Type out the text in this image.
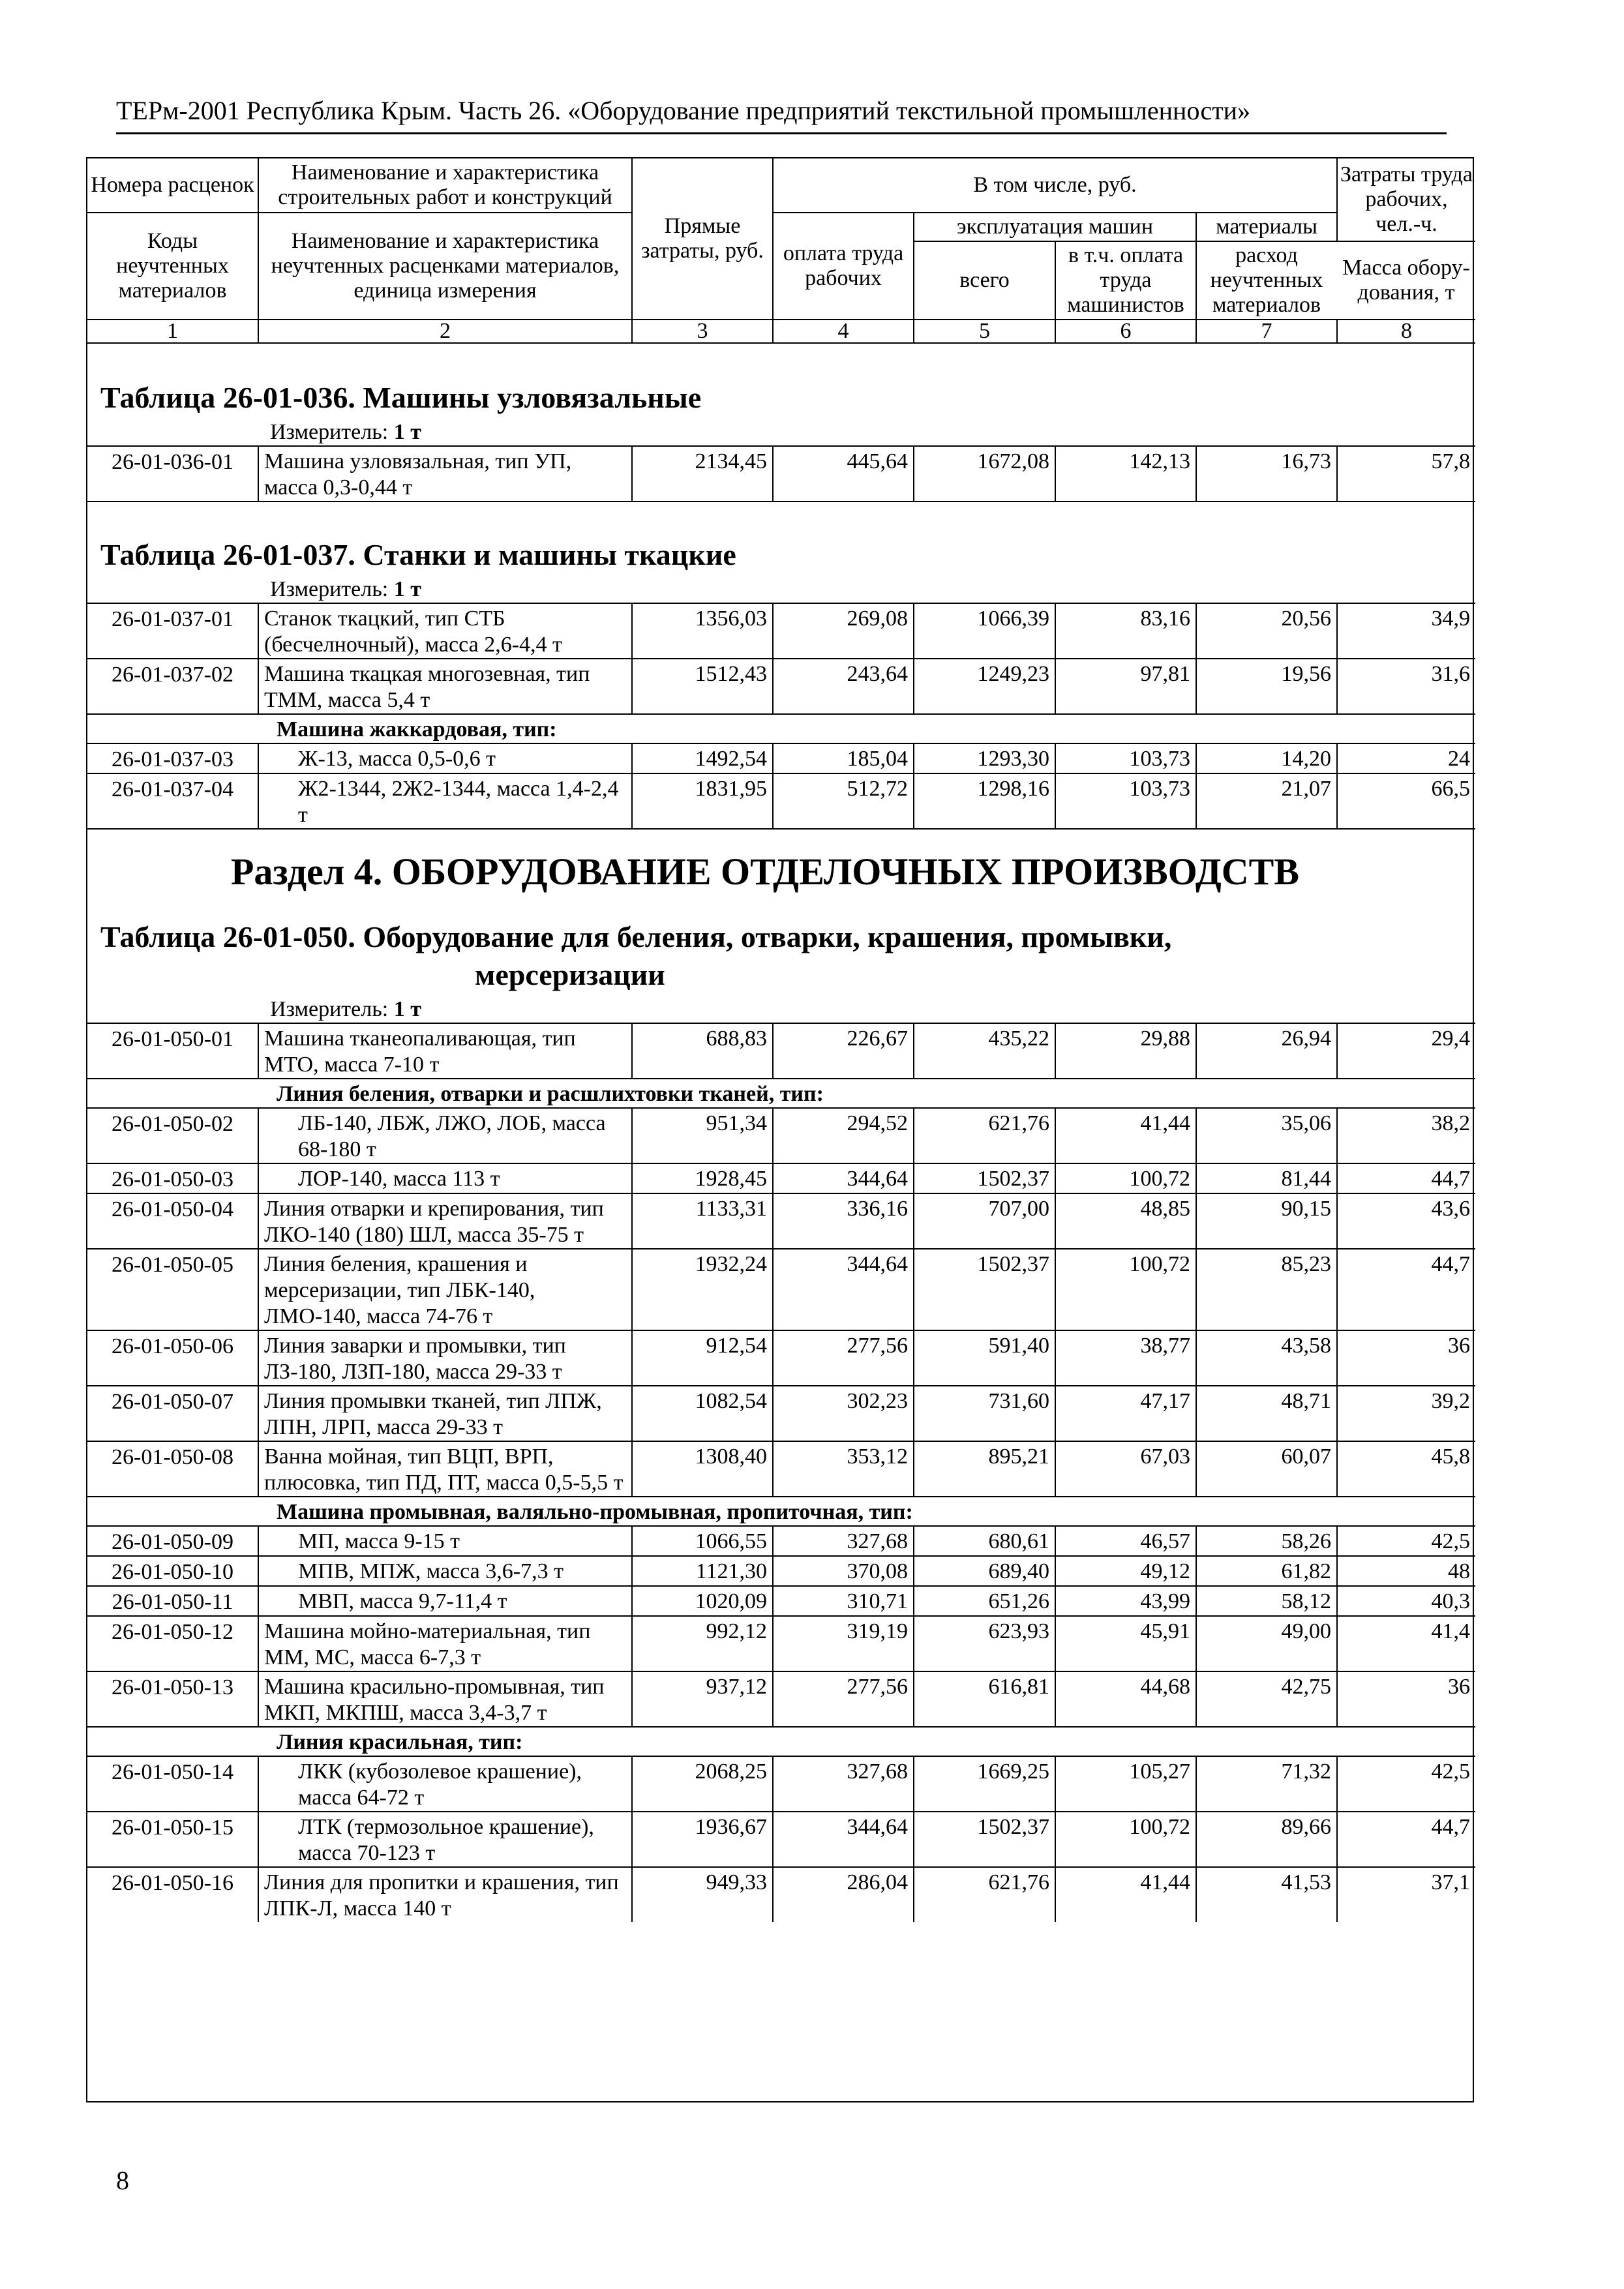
ТЕРм-2001 Республика Крым. Часть 26. «Оборудование предприятий текстильной промышленности»
Номера расценок	Наименование и характеристика строительных работ и конструкций	Прямые затраты, руб.	В том числе, руб.				Затраты труда рабочих, чел.-ч.
Коды неучтенных материалов	Наименование и характеристика неучтенных расценками материалов, единица измерения		оплата труда рабочих	эксплуатация машин		материалы	
				всего	в т.ч. оплата труда машинистов	расход неучтенных материалов	
							Масса обору-дования, т
1	2	3	4	5	6	7	8
Таблица 26-01-036. Машины узловязальные
Измеритель: 1 т
26-01-036-01	Машина узловязальная, тип УП, масса 0,3-0,44 т	2134,45	445,64	1672,08	142,13	16,73	57,8
Таблица 26-01-037. Станки и машины ткацкие
Измеритель: 1 т
26-01-037-01	Станок ткацкий, тип СТБ (бесчелночный), масса 2,6-4,4 т	1356,03	269,08	1066,39	83,16	20,56	34,9
26-01-037-02	Машина ткацкая многозевная, тип ТММ, масса 5,4 т	1512,43	243,64	1249,23	97,81	19,56	31,6
Машина жаккардовая, тип:							
26-01-037-03	Ж-13, масса 0,5-0,6 т	1492,54	185,04	1293,30	103,73	14,20	24
26-01-037-04	Ж2-1344, 2Ж2-1344, масса 1,4-2,4 т	1831,95	512,72	1298,16	103,73	21,07	66,5
Раздел 4. ОБОРУДОВАНИЕ ОТДЕЛОЧНЫХ ПРОИЗВОДСТВ
Таблица 26-01-050. Оборудование для беления, отварки, крашения, промывки,
мерсеризации
Измеритель: 1 т
26-01-050-01	Машина тканеопаливающая, тип МТО, масса 7-10 т	688,83	226,67	435,22	29,88	26,94	29,4
Линия беления, отварки и расшлихтовки тканей, тип:							
26-01-050-02	ЛБ-140, ЛБЖ, ЛЖО, ЛОБ, масса 68-180 т	951,34	294,52	621,76	41,44	35,06	38,2
26-01-050-03	ЛОР-140, масса 113 т	1928,45	344,64	1502,37	100,72	81,44	44,7
26-01-050-04	Линия отварки и крепирования, тип ЛКО-140 (180) ШЛ, масса 35-75 т	1133,31	336,16	707,00	48,85	90,15	43,6
26-01-050-05	Линия беления, крашения и мерсеризации, тип ЛБК-140, ЛМО-140, масса 74-76 т	1932,24	344,64	1502,37	100,72	85,23	44,7
26-01-050-06	Линия заварки и промывки, тип ЛЗ-180, ЛЗП-180, масса 29-33 т	912,54	277,56	591,40	38,77	43,58	36
26-01-050-07	Линия промывки тканей, тип ЛПЖ, ЛПН, ЛРП, масса 29-33 т	1082,54	302,23	731,60	47,17	48,71	39,2
26-01-050-08	Ванна мойная, тип ВЦП, ВРП, плюсовка, тип ПД, ПТ, масса 0,5-5,5 т	1308,40	353,12	895,21	67,03	60,07	45,8
Машина промывная, валяльно-промывная, пропиточная, тип:							
26-01-050-09	МП, масса 9-15 т	1066,55	327,68	680,61	46,57	58,26	42,5
26-01-050-10	МПВ, МПЖ, масса 3,6-7,3 т	1121,30	370,08	689,40	49,12	61,82	48
26-01-050-11	МВП, масса 9,7-11,4 т	1020,09	310,71	651,26	43,99	58,12	40,3
26-01-050-12	Машина мойно-материальная, тип ММ, МС, масса 6-7,3 т	992,12	319,19	623,93	45,91	49,00	41,4
26-01-050-13	Машина красильно-промывная, тип МКП, МКПШ, масса 3,4-3,7 т	937,12	277,56	616,81	44,68	42,75	36
Линия красильная, тип:							
26-01-050-14	ЛКК (кубозолевое крашение), масса 64-72 т	2068,25	327,68	1669,25	105,27	71,32	42,5
26-01-050-15	ЛТК (термозольное крашение), масса 70-123 т	1936,67	344,64	1502,37	100,72	89,66	44,7
26-01-050-16	Линия для пропитки и крашения, тип ЛПК-Л, масса 140 т	949,33	286,04	621,76	41,44	41,53	37,1
8
